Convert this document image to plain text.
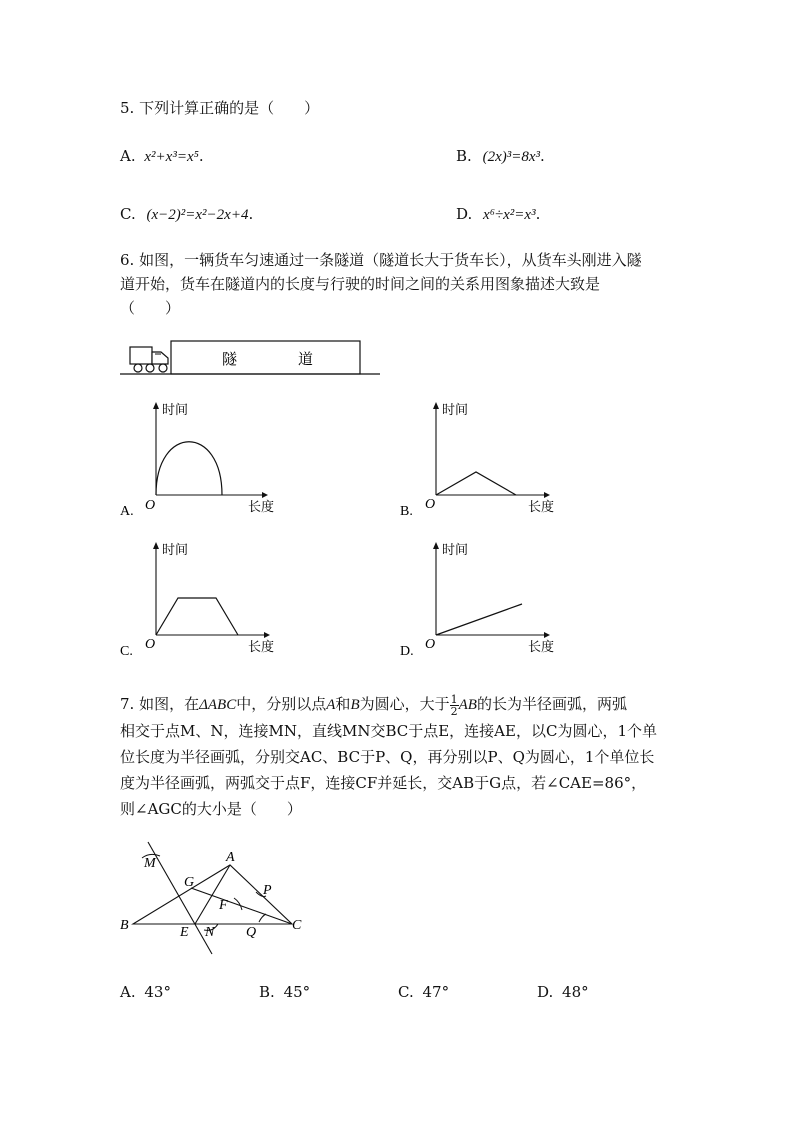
5. 下列计算正确的是（　　）
A. x²+x³=x⁵.	B. (2x)³=8x³.
C. (x−2)²=x²−2x+4.	D. x⁶÷x²=x³.
6. 如图，一辆货车匀速通过一条隧道（隧道长大于货车长），从货车头刚进入隧
道开始，货车在隧道内的长度与行驶的时间之间的关系用图象描述大致是
（　　）
隧	道
时间
长度
O
A.
时间
长度
O
B.
时间
长度
O
C.
时间
长度
O
D.
7. 如图，在ΔABC中，分别以点A和B为圆心，大于 $\frac{1}{2}$ AB的长为半径画弧，两弧
相交于点M、N，连接MN，直线MN交BC于点E，连接AE，以C为圆心，1个单
位长度为半径画弧，分别交AC、BC于P、Q，再分别以P、Q为圆心，1个单位长
度为半径画弧，两弧交于点F，连接CF并延长，交AB于G点，若∠CAE=86°，
则∠AGC的大小是（　　）
M	A
G
P
F
B	E N Q	C
A. 43°	B. 45°	C. 47°	D. 48°
